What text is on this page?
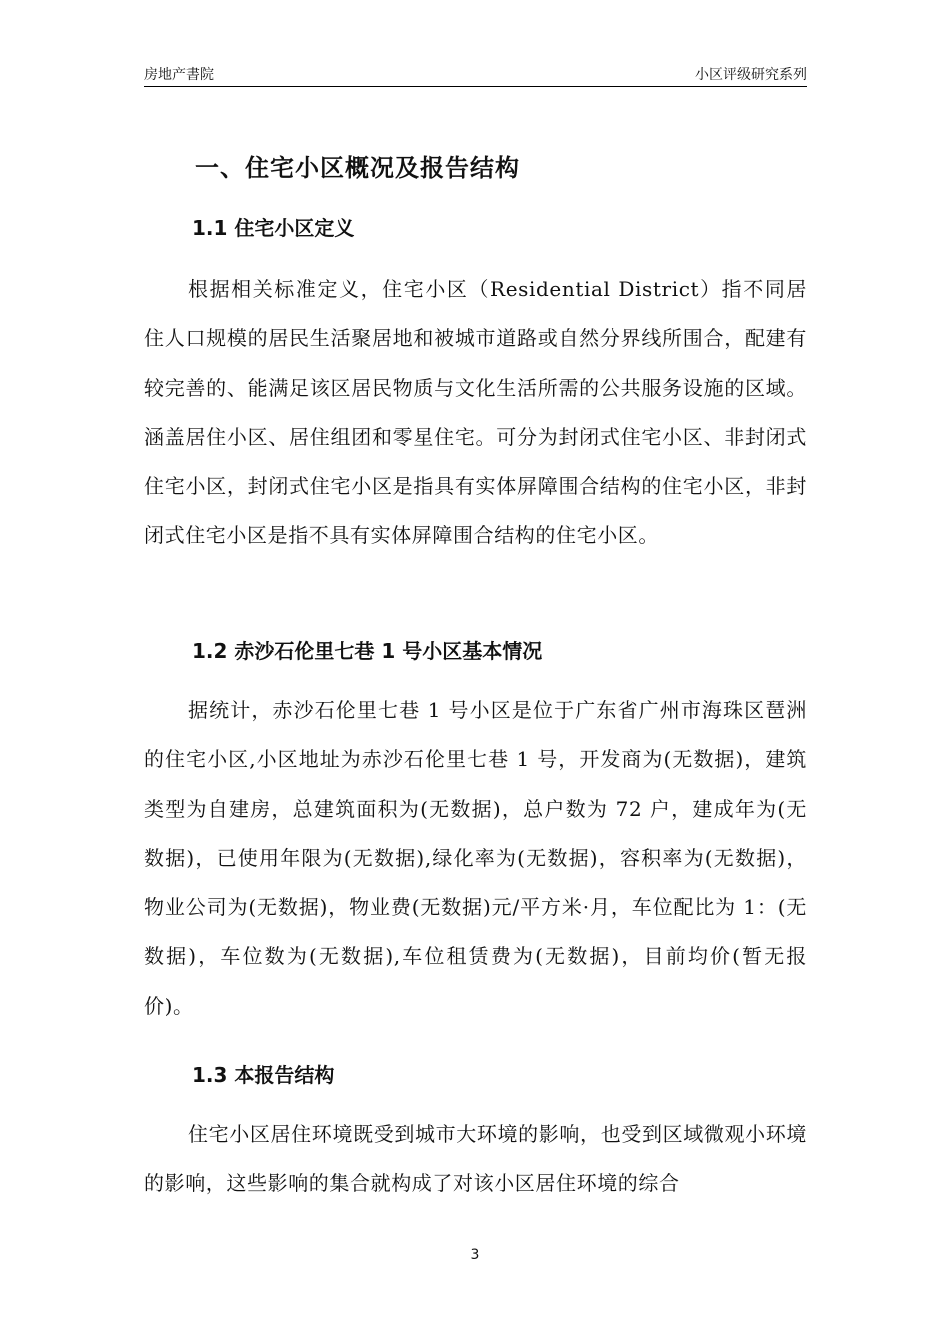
房地产書院	小区评级研究系列
一、住宅小区概况及报告结构
1.1 住宅小区定义

根据相关标准定义，住宅小区（Residential District）指不同居住人口规模的居民生活聚居地和被城市道路或自然分界线所围合，配建有较完善的、能满足该区居民物质与文化生活所需的公共服务设施的区域。涵盖居住小区、居住组团和零星住宅。可分为封闭式住宅小区、非封闭式住宅小区，封闭式住宅小区是指具有实体屏障围合结构的住宅小区，非封闭式住宅小区是指不具有实体屏障围合结构的住宅小区。

1.2 赤沙石伦里七巷 1 号小区基本情况

据统计，赤沙石伦里七巷 1 号小区是位于广东省广州市海珠区琶洲的住宅小区,小区地址为赤沙石伦里七巷 1 号，开发商为(无数据)，建筑类型为自建房，总建筑面积为(无数据)，总户数为 72 户，建成年为(无数据)，已使用年限为(无数据),绿化率为(无数据)，容积率为(无数据)，物业公司为(无数据)，物业费(无数据)元/平方米·月，车位配比为 1：(无数据)，车位数为(无数据),车位租赁费为(无数据)，目前均价(暂无报价)。

1.3 本报告结构

住宅小区居住环境既受到城市大环境的影响，也受到区域微观小环境的影响，这些影响的集合就构成了对该小区居住环境的综合

3
